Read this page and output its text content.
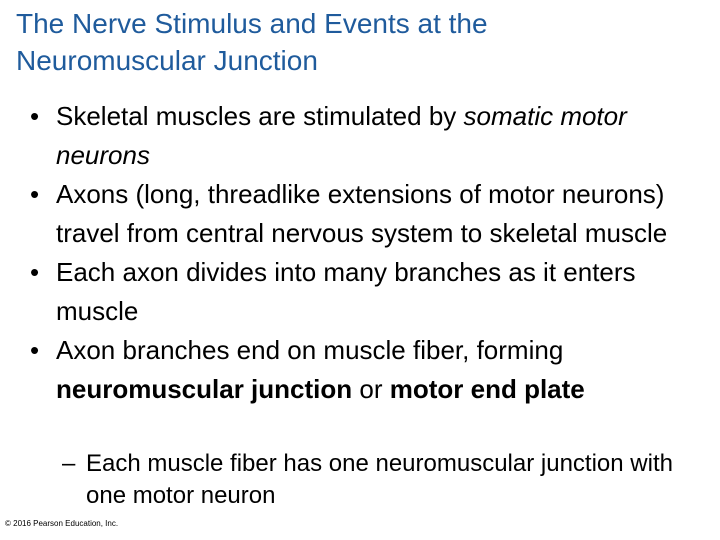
The Nerve Stimulus and Events at the
Neuromuscular Junction
• Skeletal muscles are stimulated by somatic motor neurons
• Axons (long, threadlike extensions of motor neurons) travel from central nervous system to skeletal muscle
• Each axon divides into many branches as it enters muscle
• Axon branches end on muscle fiber, forming neuromuscular junction or motor end plate
– Each muscle fiber has one neuromuscular junction with one motor neuron
© 2016 Pearson Education, Inc.
